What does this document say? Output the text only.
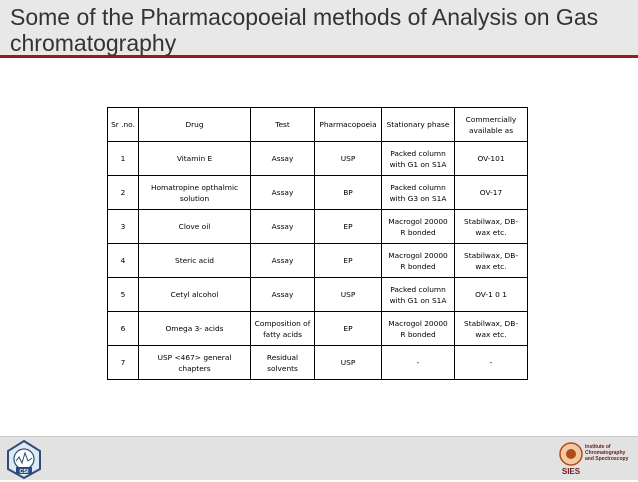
Some of the Pharmacopoeial methods of Analysis on Gas chromatography
Sr .no.	Drug	Test	Pharmacopoeia	Stationary phase	Commercially available as
1	Vitamin E	Assay	USP	Packed column with G1 on S1A	OV-101
2	Homatropine opthalmic solution	Assay	BP	Packed column with G3 on S1A	OV-17
3	Clove oil	Assay	EP	Macrogol 20000 R bonded	Stabilwax, DB-wax etc.
4	Steric acid	Assay	EP	Macrogol 20000 R bonded	Stabilwax, DB-wax etc.
5	Cetyl alcohol	Assay	USP	Packed column with G1 on S1A	OV-1 0 1
6	Omega 3- acids	Composition of fatty acids	EP	Macrogol 20000 R bonded	Stabilwax, DB-wax etc.
7	USP <467> general chapters	Residual solvents	USP	-	-
CSI	SIES
Institute of Chromatography and Spectroscopy
